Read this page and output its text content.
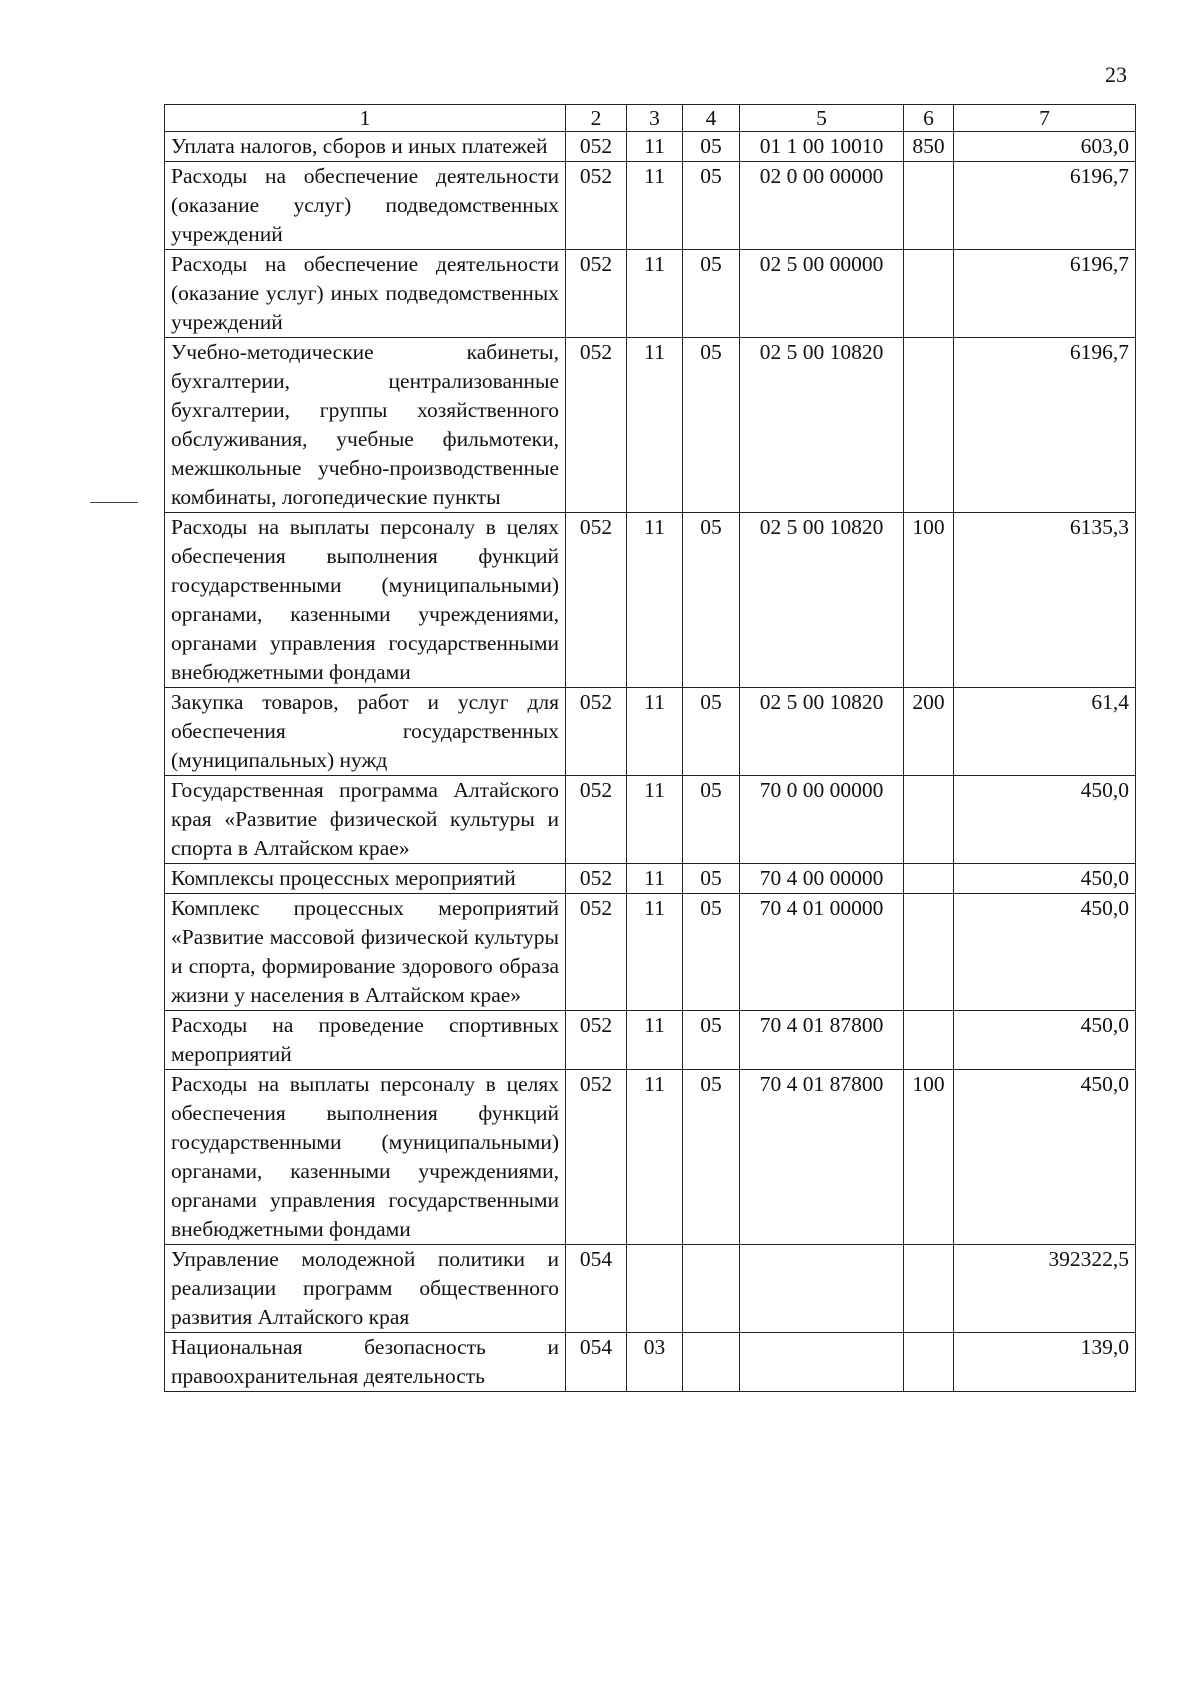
23
1	2	3	4	5	6	7
Уплата налогов, сборов и иных платежей	052	11	05	01 1 00 10010	850	603,0
Расходы на обеспечение деятельности (оказание услуг) подведомственных учреждений	052	11	05	02 0 00 00000		6196,7
Расходы на обеспечение деятельности (оказание услуг) иных подведомственных учреждений	052	11	05	02 5 00 00000		6196,7
Учебно-методические кабинеты, бухгалтерии, централизованные бухгалтерии, группы хозяйственного обслуживания, учебные фильмотеки, межшкольные учебно-производственные комбинаты, логопедические пункты	052	11	05	02 5 00 10820		6196,7
Расходы на выплаты персоналу в целях обеспечения выполнения функций государственными (муниципальными) органами, казенными учреждениями, органами управления государственными внебюджетными фондами	052	11	05	02 5 00 10820	100	6135,3
Закупка товаров, работ и услуг для обеспечения государственных (муниципальных) нужд	052	11	05	02 5 00 10820	200	61,4
Государственная программа Алтайского края «Развитие физической культуры и спорта в Алтайском крае»	052	11	05	70 0 00 00000		450,0
Комплексы процессных мероприятий	052	11	05	70 4 00 00000		450,0
Комплекс процессных мероприятий «Развитие массовой физической культуры и спорта, формирование здорового образа жизни у населения в Алтайском крае»	052	11	05	70 4 01 00000		450,0
Расходы на проведение спортивных мероприятий	052	11	05	70 4 01 87800		450,0
Расходы на выплаты персоналу в целях обеспечения выполнения функций государственными (муниципальными) органами, казенными учреждениями, органами управления государственными внебюджетными фондами	052	11	05	70 4 01 87800	100	450,0
Управление молодежной политики и реализации программ общественного развития Алтайского края	054					392322,5
Национальная безопасность и правоохранительная деятельность	054	03				139,0
